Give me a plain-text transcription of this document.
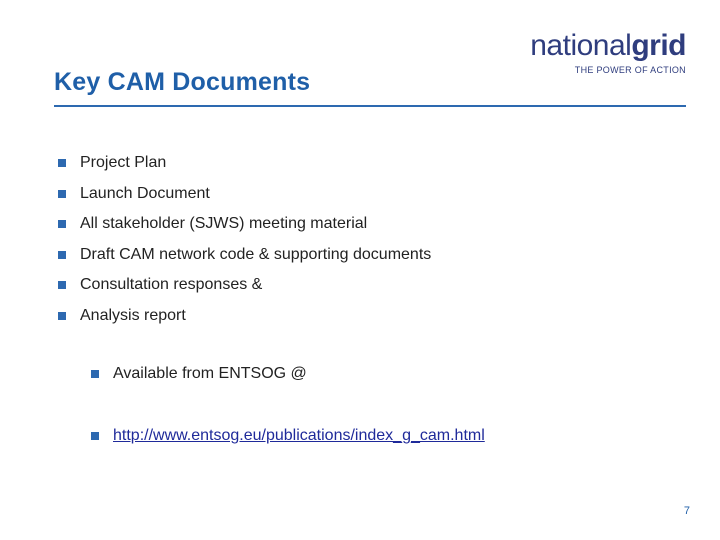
Key CAM Documents
nationalgrid
THE POWER OF ACTION
Project Plan
Launch Document
All stakeholder (SJWS) meeting material
Draft CAM network code & supporting documents
Consultation responses &
Analysis report
Available from ENTSOG @
http://www.entsog.eu/publications/index_g_cam.html
7
